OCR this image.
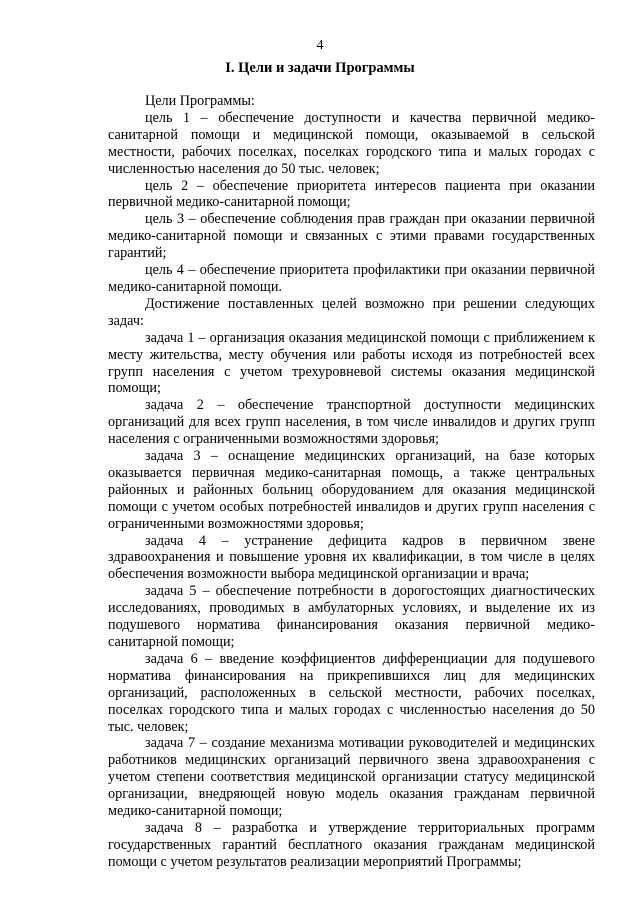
4
I. Цели и задачи Программы

Цели Программы:

цель 1 – обеспечение доступности и качества первичной медико-санитарной помощи и медицинской помощи, оказываемой в сельской местности, рабочих поселках, поселках городского типа и малых городах с численностью населения до 50 тыс. человек;

цель 2 – обеспечение приоритета интересов пациента при оказании первичной медико-санитарной помощи;

цель 3 – обеспечение соблюдения прав граждан при оказании первичной медико-санитарной помощи и связанных с этими правами государственных гарантий;

цель 4 – обеспечение приоритета профилактики при оказании первичной медико-санитарной помощи.

Достижение поставленных целей возможно при решении следующих задач:

задача 1 – организация оказания медицинской помощи с приближением к месту жительства, месту обучения или работы исходя из потребностей всех групп населения с учетом трехуровневой системы оказания медицинской помощи;

задача 2 – обеспечение транспортной доступности медицинских организаций для всех групп населения, в том числе инвалидов и других групп населения с ограниченными возможностями здоровья;

задача 3 – оснащение медицинских организаций, на базе которых оказывается первичная медико-санитарная помощь, а также центральных районных и районных больниц оборудованием для оказания медицинской помощи с учетом особых потребностей инвалидов и других групп населения с ограниченными возможностями здоровья;

задача 4 – устранение дефицита кадров в первичном звене здравоохранения и повышение уровня их квалификации, в том числе в целях обеспечения возможности выбора медицинской организации и врача;

задача 5 – обеспечение потребности в дорогостоящих диагностических исследованиях, проводимых в амбулаторных условиях, и выделение их из подушевого норматива финансирования оказания первичной медико-санитарной помощи;

задача 6 – введение коэффициентов дифференциации для подушевого норматива финансирования на прикрепившихся лиц для медицинских организаций, расположенных в сельской местности, рабочих поселках, поселках городского типа и малых городах с численностью населения до 50 тыс. человек;

задача 7 – создание механизма мотивации руководителей и медицинских работников медицинских организаций первичного звена здравоохранения с учетом степени соответствия медицинской организации статусу медицинской организации, внедряющей новую модель оказания гражданам первичной медико-санитарной помощи;

задача 8 – разработка и утверждение территориальных программ государственных гарантий бесплатного оказания гражданам медицинской помощи с учетом результатов реализации мероприятий Программы;
